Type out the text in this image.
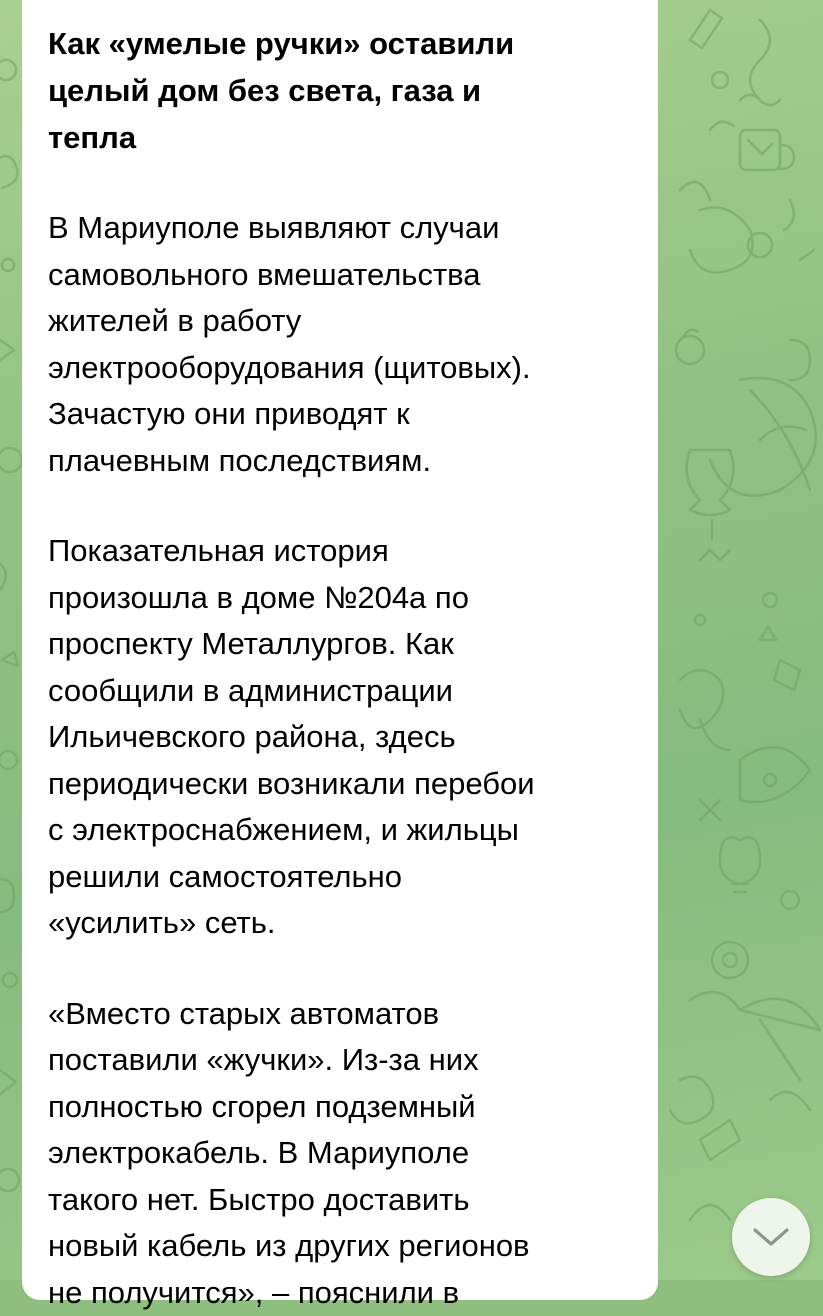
Как «умелые ручки» оставили
целый дом без света, газа и
тепла

В Мариуполе выявляют случаи
самовольного вмешательства
жителей в работу
электрооборудования (щитовых).
Зачастую они приводят к
плачевным последствиям.

Показательная история
произошла в доме №204а по
проспекту Металлургов. Как
сообщили в администрации
Ильичевского района, здесь
периодически возникали перебои
с электроснабжением, и жильцы
решили самостоятельно
«усилить» сеть.

«Вместо старых автоматов
поставили «жучки». Из-за них
полностью сгорел подземный
электрокабель. В Мариуполе
такого нет. Быстро доставить
новый кабель из других регионов
не получится», – пояснили в
